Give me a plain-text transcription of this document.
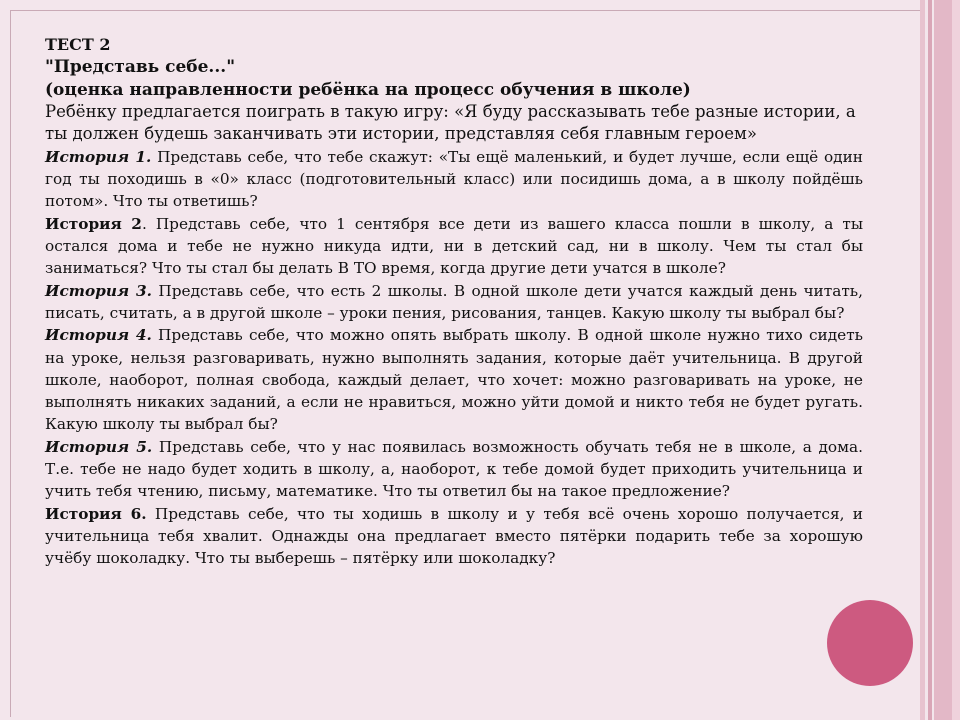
ТЕСТ 2

"Представь себе..."

(оценка направленности ребёнка на процесс обучения в школе)

Ребёнку предлагается поиграть в такую игру: «Я буду рассказывать тебе разные истории, а ты должен будешь заканчивать эти истории, представляя себя главным героем»

История 1. Представь себе, что тебе скажут: «Ты ещё маленький, и будет лучше, если ещё один год ты походишь в «0» класс (подготовительный класс) или посидишь дома, а в школу пойдёшь потом». Что ты ответишь?

История 2. Представь себе, что 1 сентября все дети из вашего класса пошли в школу, а ты остался дома и тебе не нужно никуда идти, ни в детский сад, ни в школу. Чем ты стал бы заниматься? Что ты стал бы делать В ТО время, когда другие дети учатся в школе?

История 3. Представь себе, что есть 2 школы. В одной школе дети учатся каждый день читать, писать, считать, а в другой школе – уроки пения, рисования, танцев. Какую школу ты выбрал бы?

История 4. Представь себе, что можно опять выбрать школу. В одной школе нужно тихо сидеть на уроке, нельзя разговаривать, нужно выполнять задания, которые даёт учительница. В другой школе, наоборот, полная свобода, каждый делает, что хочет: можно разговаривать на уроке, не выполнять никаких заданий, а если не нравиться, можно уйти домой и никто тебя не будет ругать. Какую школу ты выбрал бы?

История 5. Представь себе, что у нас появилась возможность обучать тебя не в школе, а дома. Т.е. тебе не надо будет ходить в школу, а, наоборот, к тебе домой будет приходить учительница и учить тебя чтению, письму, математике. Что ты ответил бы на такое предложение?

История 6. Представь себе, что ты ходишь в школу и у тебя всё очень хорошо получается, и учительница тебя хвалит. Однажды она предлагает вместо пятёрки подарить тебе за хорошую учёбу шоколадку. Что ты выберешь – пятёрку или шоколадку?
